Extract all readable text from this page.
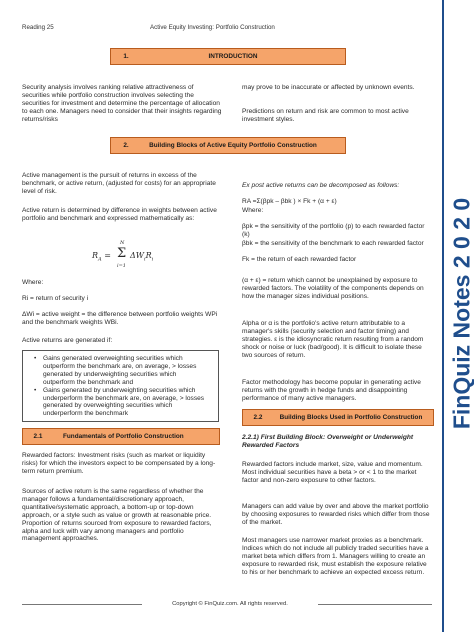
Reading 25	Active Equity Investing: Portfolio Construction
FinQuiz Notes 2 0 2 0
1.	INTRODUCTION
Security analysis involves ranking relative attractiveness of securities while portfolio construction involves selecting the securities for investment and determine the percentage of allocation to each one. Managers need to consider that their insights regarding returns/risks
may prove to be inaccurate or affected by unknown events.
Predictions on return and risk are common to most active investment styles.
2.	Building Blocks of Active Equity Portfolio Construction
Active management is the pursuit of returns in excess of the benchmark, or active return, (adjusted for costs) for an appropriate level of risk.
Active return is determined by difference in weights between active portfolio and benchmark and expressed mathematically as:
$R_A$ =
N
Σ
i=1
$\Delta W_iR_i$
Where:
Ri = return of security i
ΔWi = active weight = the difference between portfolio weights WPi and the benchmark weights WBi.
Active returns are generated if:
• Gains generated overweighting securities which outperform the benchmark are, on average, > losses generated by underweighting securities which outperform the benchmark and
• Gains generated by underweighting securities which underperform the benchmark are, on average, > losses generated by overweighting securities which underperform the benchmark
2.1	Fundamentals of Portfolio Construction
Rewarded factors: Investment risks (such as market or liquidity risks) for which the investors expect to be compensated by a long-term return premium.
Sources of active return is the same regardless of whether the manager follows a fundamental/discretionary approach, quantitative/systematic approach, a bottom-up or top-down approach, or a style such as value or growth at reasonable price. Proportion of returns sourced from exposure to rewarded factors, alpha and luck with vary among managers and portfolio management approaches.
Ex post active returns can be decomposed as follows:
RA =Σ(βpk – βbk ) × Fk + (α + ε)
Where:
βpk = the sensitivity of the portfolio (p) to each rewarded factor (k)
βbk = the sensitivity of the benchmark to each rewarded factor
Fk = the return of each rewarded factor
(α + ε) = return which cannot be unexplained by exposure to rewarded factors. The volatility of the components depends on how the manager sizes individual positions.
Alpha or α is the portfolio's active return attributable to a manager's skills (security selection and factor timing) and strategies. ε is the idiosyncratic return resulting from a random shock or noise or luck (bad/good). It is difficult to isolate these two sources of return.
Factor methodology has become popular in generating active returns with the growth in hedge funds and disappointing performance of many active managers.
2.2	Building Blocks Used in Portfolio Construction
2.2.1) First Building Block: Overweight or Underweight Rewarded Factors
Rewarded factors include market, size, value and momentum. Most individual securities have a beta > or < 1 to the market factor and non-zero exposure to other factors.
Managers can add value by over and above the market portfolio by choosing exposures to rewarded risks which differ from those of the market.
Most managers use narrower market proxies as a benchmark. Indices which do not include all publicly traded securities have a market beta which differs from 1. Managers willing to create an exposure to rewarded risk, must establish the exposure relative to his or her benchmark to achieve an expected excess return.
Copyright © FinQuiz.com. All rights reserved.
